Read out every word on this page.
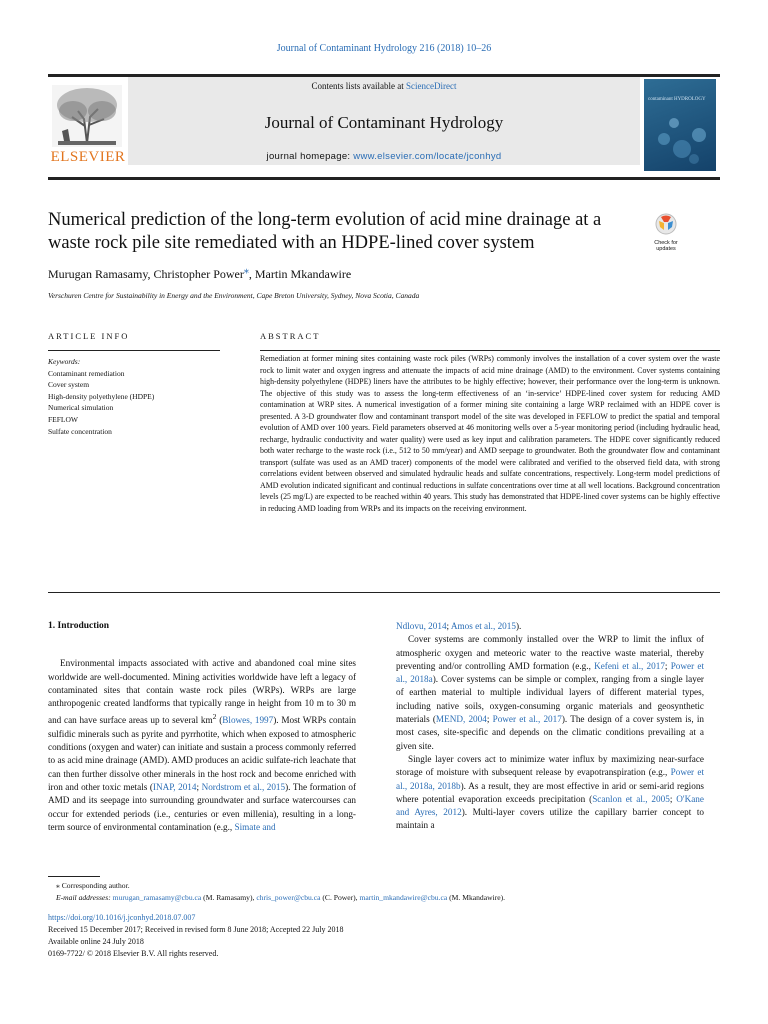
Journal of Contaminant Hydrology 216 (2018) 10–26
ELSEVIER
Contents lists available at ScienceDirect
Journal of Contaminant Hydrology
journal homepage: www.elsevier.com/locate/jconhyd
contaminant HYDROLOGY
Numerical prediction of the long-term evolution of acid mine drainage at a waste rock pile site remediated with an HDPE-lined cover system	Check for
updates
Murugan Ramasamy, Christopher Power⁎, Martin Mkandawire
Verschuren Centre for Sustainability in Energy and the Environment, Cape Breton University, Sydney, Nova Scotia, Canada
ARTICLE INFO	ABSTRACT
Keywords:
Contaminant remediation
Cover system
High-density polyethylene (HDPE)
Numerical simulation
FEFLOW
Sulfate concentration
Remediation at former mining sites containing waste rock piles (WRPs) commonly involves the installation of a cover system over the waste rock to limit water and oxygen ingress and attenuate the impacts of acid mine drainage (AMD) to the environment. Cover systems containing high-density polyethylene (HDPE) liners have the attributes to be highly effective; however, their performance over the long-term is unknown. The objective of this study was to assess the long-term effectiveness of an ‘in-service’ HDPE-lined cover system for reducing AMD contamination at WRP sites. A numerical investigation of a former mining site containing a large WRP reclaimed with an HDPE cover is presented. A 3-D groundwater flow and contaminant transport model of the site was developed in FEFLOW to predict the spatial and temporal evolution of AMD over 100 years. Field parameters observed at 46 monitoring wells over a 5-year monitoring period (including hydraulic head, recharge, hydraulic conductivity and water quality) were used as key input and calibration parameters. The HDPE cover significantly reduced both water recharge to the waste rock (i.e., 512 to 50 mm/year) and AMD seepage to groundwater. Both the groundwater flow and contaminant transport (sulfate was used as an AMD tracer) components of the model were calibrated and verified to the observed field data, with strong correlations evident between observed and simulated hydraulic heads and sulfate concentrations, respectively. Long-term model predictions of AMD evolution indicated significant and continual reductions in sulfate concentrations over time at all well locations. Background concentration levels (25 mg/L) are expected to be reached within 40 years. This study has demonstrated that HDPE-lined cover systems can be highly effective in reducing AMD loading from WRPs and its impacts on the receiving environment.
1. Introduction

Environmental impacts associated with active and abandoned coal mine sites worldwide are well-documented. Mining activities worldwide have left a legacy of contaminated sites that contain waste rock piles (WRPs). WRPs are large anthropogenic created landforms that typically range in height from 10 m to 30 m and can have surface areas up to several $km^2$ (Blowes, 1997). Most WRPs contain sulfidic minerals such as pyrite and pyrrhotite, which when exposed to atmospheric conditions (oxygen and water) can initiate and sustain a process commonly referred to as acid mine drainage (AMD). AMD produces an acidic sulfate-rich leachate that can then further dissolve other minerals in the host rock and become enriched with iron and other toxic metals (INAP, 2014; Nordstrom et al., 2015). The formation of AMD and its seepage into surrounding groundwater and surface watercourses can occur for extended periods (i.e., centuries or even millenia), resulting in a long-term source of environmental contamination (e.g., Simate and

Ndlovu, 2014; Amos et al., 2015).

Cover systems are commonly installed over the WRP to limit the influx of atmospheric oxygen and meteoric water to the reactive waste material, thereby preventing and/or controlling AMD formation (e.g., Kefeni et al., 2017; Power et al., 2018a). Cover systems can be simple or complex, ranging from a single layer of earthen material to multiple individual layers of different material types, including native soils, oxygen-consuming organic materials and geosynthetic materials (MEND, 2004; Power et al., 2017). The design of a cover system is, in most cases, site-specific and depends on the climatic conditions prevailing at a given site.

Single layer covers act to minimize water influx by maximizing near-surface storage of moisture with subsequent release by evapotranspiration (e.g., Power et al., 2018a, 2018b). As a result, they are most effective in arid or semi-arid regions where potential evaporation exceeds precipitation (Scanlon et al., 2005; O'Kane and Ayres, 2012). Multi-layer covers utilize the capillary barrier concept to maintain a

⁎ Corresponding author.
E-mail addresses: murugan_ramasamy@cbu.ca (M. Ramasamy), chris_power@cbu.ca (C. Power), martin_mkandawire@cbu.ca (M. Mkandawire).
https://doi.org/10.1016/j.jconhyd.2018.07.007
Received 15 December 2017; Received in revised form 8 June 2018; Accepted 22 July 2018
Available online 24 July 2018
0169-7722/ © 2018 Elsevier B.V. All rights reserved.
